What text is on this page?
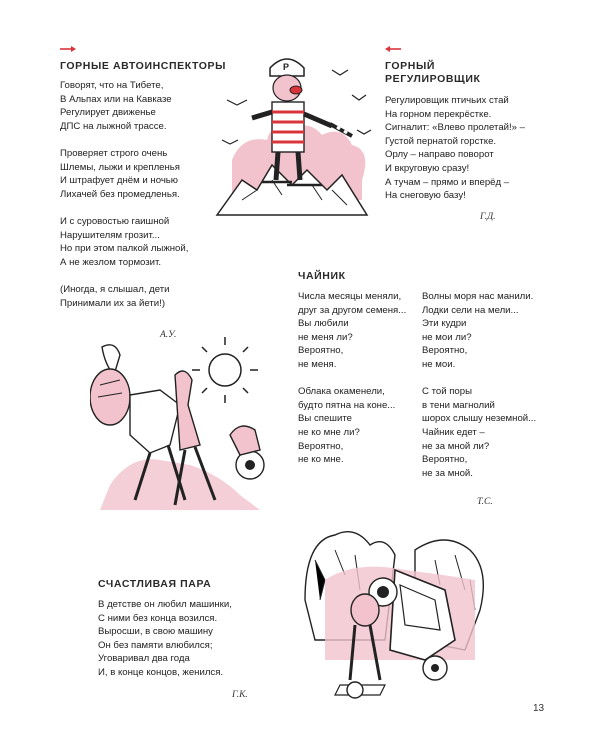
ГОРНЫЕ АВТОИНСПЕКТОРЫ
Говорят, что на Тибете,
В Альпах или на Кавказе
Регулирует движенье
ДПС на лыжной трассе.
Проверяет строго очень
Шлемы, лыжи и крепленья
И штрафует днём и ночью
Лихачей без промедленья.
И с суровостью гаишной
Нарушителям грозит...
Но при этом палкой лыжной,
А не жезлом тормозит.
(Иногда, я слышал, дети
Принимали их за йети!)
А.У.
ГОРНЫЙ
РЕГУЛИРОВЩИК
Регулировщик птичьих стай
На горном перекрёстке.
Сигналит: «Влево пролетай!» –
Густой пернатой горстке.
Орлу – направо поворот
И вкруговую сразу!
А тучам – прямо и вперёд –
На снеговую базу!
Г.Д.
ЧАЙНИК
Числа месяцы меняли,
друг за другом семеня...
Вы любили
не меня ли?
Вероятно,
не меня.
Облака окаменели,
будто пятна на коне...
Вы спешите
не ко мне ли?
Вероятно,
не ко мне.
Волны моря нас манили.
Лодки сели на мели...
Эти кудри
не мои ли?
Вероятно,
не мои.
С той поры
в тени магнолий
шорох слышу неземной...
Чайник едет –
не за мной ли?
Вероятно,
не за мной.
Т.С.
СЧАСТЛИВАЯ ПАРА
В детстве он любил машинки,
С ними без конца возился.
Выросши, в свою машину
Он без памяти влюбился;
Уговаривал два года
И, в конце концов, женился.
Г.К.
13
Р
